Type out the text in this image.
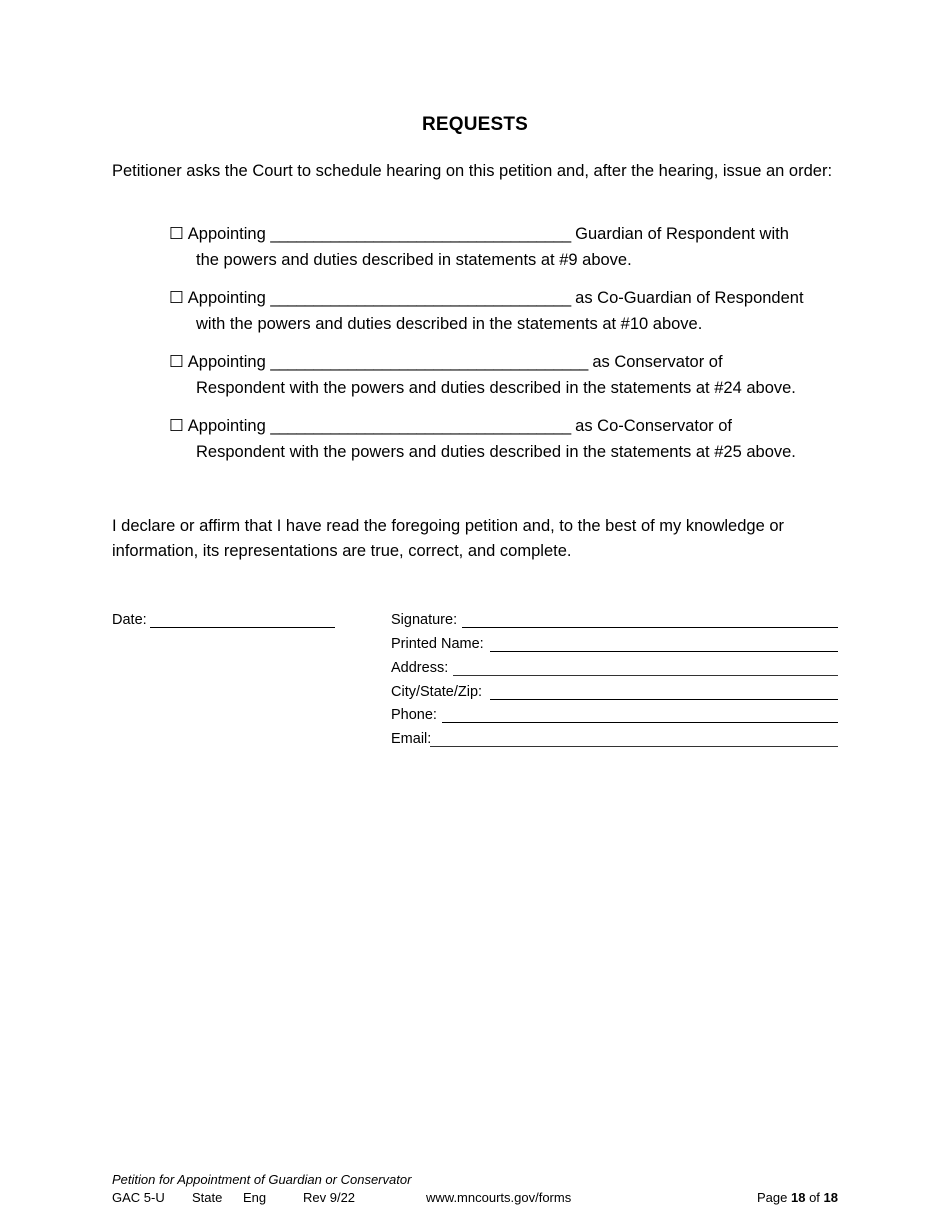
REQUESTS
Petitioner asks the Court to schedule hearing on this petition and, after the hearing, issue an order:
☐ Appointing ___________________________________ Guardian of Respondent with
the powers and duties described in statements at #9 above.
☐ Appointing ___________________________________ as Co-Guardian of Respondent
with the powers and duties described in the statements at #10 above.
☐ Appointing _____________________________________ as Conservator of
Respondent with the powers and duties described in the statements at #24 above.
☐ Appointing ___________________________________ as Co-Conservator of
Respondent with the powers and duties described in the statements at #25 above.
I declare or affirm that I have read the foregoing petition and, to the best of my knowledge or information, its representations are true, correct, and complete.
Date:	Signature:
Printed Name:
Address:
City/State/Zip:
Phone:
Email:
Petition for Appointment of Guardian or Conservator
GAC 5-U State Eng	Rev 9/22	www.mncourts.gov/forms	Page 18 of 18
